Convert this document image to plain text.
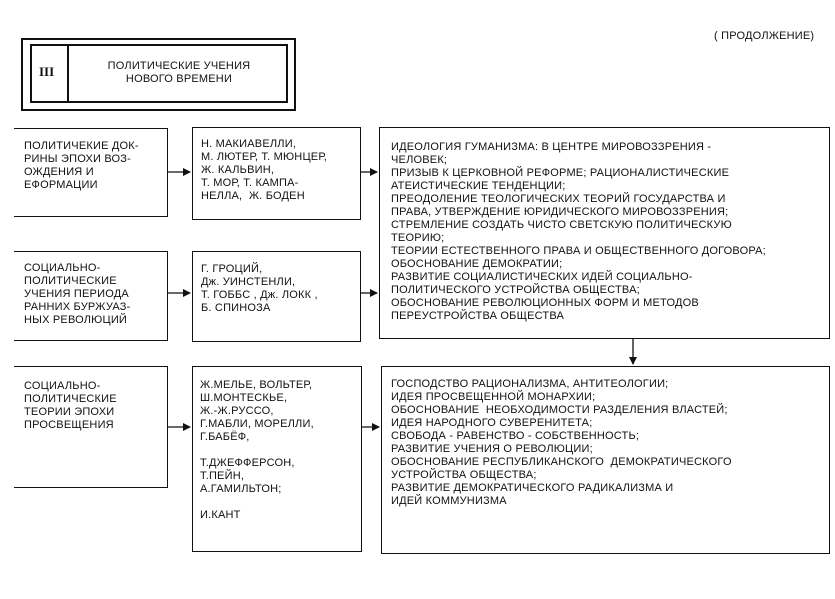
( ПРОДОЛЖЕНИЕ)
III	ПОЛИТИЧЕСКИЕ УЧЕНИЯ
НОВОГО ВРЕМЕНИ
ПОЛИТИЧЕКИЕ ДОК-
РИНЫ ЭПОХИ ВОЗ-
ОЖДЕНИЯ И
ЕФОРМАЦИИ
Н. МАКИАВЕЛЛИ,
М. ЛЮТЕР, Т. МЮНЦЕР,
Ж. КАЛЬВИН,
Т. МОР, Т. КАМПА-
НЕЛЛА,  Ж. БОДЕН
СОЦИАЛЬНО-
ПОЛИТИЧЕСКИЕ
УЧЕНИЯ ПЕРИОДА
РАННИХ БУРЖУАЗ-
НЫХ РЕВОЛЮЦИЙ
Г. ГРОЦИЙ,
Дж. УИНСТЕНЛИ,
Т. ГОББС , Дж. ЛОКК ,
Б. СПИНОЗА
СОЦИАЛЬНО-
ПОЛИТИЧЕСКИЕ
ТЕОРИИ ЭПОХИ
ПРОСВЕЩЕНИЯ
Ж.МЕЛЬЕ, ВОЛЬТЕР,
Ш.МОНТЕСКЬЕ,
Ж.-Ж.РУССО,
Г.МАБЛИ, МОРЕЛЛИ,
Г.БАБЁФ,

Т.ДЖЕФФЕРСОН,
Т.ПЕЙН,
А.ГАМИЛЬТОН;

И.КАНТ
ИДЕОЛОГИЯ ГУМАНИЗМА: В ЦЕНТРЕ МИРОВОЗЗРЕНИЯ -
ЧЕЛОВЕК;
ПРИЗЫВ К ЦЕРКОВНОЙ РЕФОРМЕ; РАЦИОНАЛИСТИЧЕСКИЕ
АТЕИСТИЧЕСКИЕ ТЕНДЕНЦИИ;
ПРЕОДОЛЕНИЕ ТЕОЛОГИЧЕСКИХ ТЕОРИЙ ГОСУДАРСТВА И
ПРАВА, УТВЕРЖДЕНИЕ ЮРИДИЧЕСКОГО МИРОВОЗЗРЕНИЯ;
СТРЕМЛЕНИЕ СОЗДАТЬ ЧИСТО СВЕТСКУЮ ПОЛИТИЧЕСКУЮ
ТЕОРИЮ;
ТЕОРИИ ЕСТЕСТВЕННОГО ПРАВА И ОБЩЕСТВЕННОГО ДОГОВОРА;
ОБОСНОВАНИЕ ДЕМОКРАТИИ;
РАЗВИТИЕ СОЦИАЛИСТИЧЕСКИХ ИДЕЙ СОЦИАЛЬНО-
ПОЛИТИЧЕСКОГО УСТРОЙСТВА ОБЩЕСТВА;
ОБОСНОВАНИЕ РЕВОЛЮЦИОННЫХ ФОРМ И МЕТОДОВ
ПЕРЕУСТРОЙСТВА ОБЩЕСТВА
ГОСПОДСТВО РАЦИОНАЛИЗМА, АНТИТЕОЛОГИИ;
ИДЕЯ ПРОСВЕЩЕННОЙ МОНАРХИИ;
ОБОСНОВАНИЕ  НЕОБХОДИМОСТИ РАЗДЕЛЕНИЯ ВЛАСТЕЙ;
ИДЕЯ НАРОДНОГО СУВЕРЕНИТЕТА;
СВОБОДА - РАВЕНСТВО - СОБСТВЕННОСТЬ;
РАЗВИТИЕ УЧЕНИЯ О РЕВОЛЮЦИИ;
ОБОСНОВАНИЕ РЕСПУБЛИКАНСКОГО  ДЕМОКРАТИЧЕСКОГО
УСТРОЙСТВА ОБЩЕСТВА;
РАЗВИТИЕ ДЕМОКРАТИЧЕСКОГО РАДИКАЛИЗМА И
ИДЕЙ КОММУНИЗМА
